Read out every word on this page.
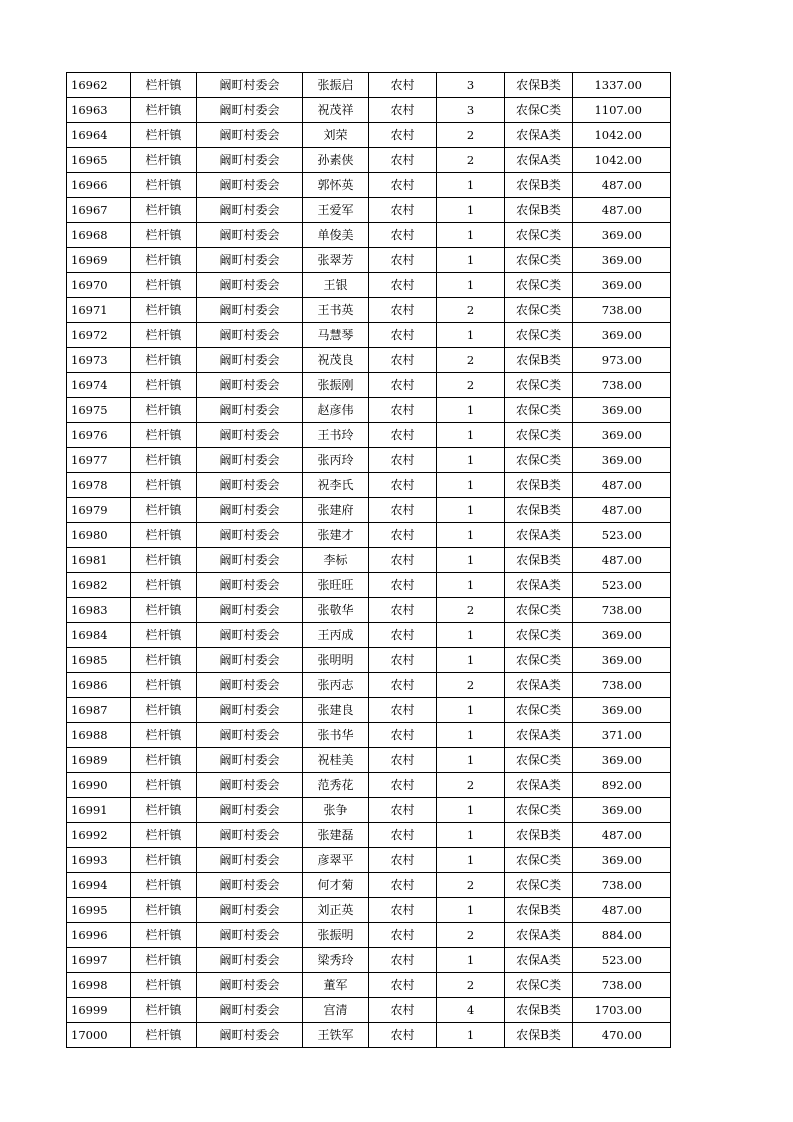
16962	栏杆镇	阚町村委会	张振启	农村	3	农保B类	1337.00
16963	栏杆镇	阚町村委会	祝茂祥	农村	3	农保C类	1107.00
16964	栏杆镇	阚町村委会	刘荣	农村	2	农保A类	1042.00
16965	栏杆镇	阚町村委会	孙素侠	农村	2	农保A类	1042.00
16966	栏杆镇	阚町村委会	郭怀英	农村	1	农保B类	487.00
16967	栏杆镇	阚町村委会	王爱军	农村	1	农保B类	487.00
16968	栏杆镇	阚町村委会	单俊美	农村	1	农保C类	369.00
16969	栏杆镇	阚町村委会	张翠芳	农村	1	农保C类	369.00
16970	栏杆镇	阚町村委会	王银	农村	1	农保C类	369.00
16971	栏杆镇	阚町村委会	王书英	农村	2	农保C类	738.00
16972	栏杆镇	阚町村委会	马慧琴	农村	1	农保C类	369.00
16973	栏杆镇	阚町村委会	祝茂良	农村	2	农保B类	973.00
16974	栏杆镇	阚町村委会	张振刚	农村	2	农保C类	738.00
16975	栏杆镇	阚町村委会	赵彦伟	农村	1	农保C类	369.00
16976	栏杆镇	阚町村委会	王书玲	农村	1	农保C类	369.00
16977	栏杆镇	阚町村委会	张丙玲	农村	1	农保C类	369.00
16978	栏杆镇	阚町村委会	祝李氏	农村	1	农保B类	487.00
16979	栏杆镇	阚町村委会	张建府	农村	1	农保B类	487.00
16980	栏杆镇	阚町村委会	张建才	农村	1	农保A类	523.00
16981	栏杆镇	阚町村委会	李标	农村	1	农保B类	487.00
16982	栏杆镇	阚町村委会	张旺旺	农村	1	农保A类	523.00
16983	栏杆镇	阚町村委会	张敬华	农村	2	农保C类	738.00
16984	栏杆镇	阚町村委会	王丙成	农村	1	农保C类	369.00
16985	栏杆镇	阚町村委会	张明明	农村	1	农保C类	369.00
16986	栏杆镇	阚町村委会	张丙志	农村	2	农保A类	738.00
16987	栏杆镇	阚町村委会	张建良	农村	1	农保C类	369.00
16988	栏杆镇	阚町村委会	张书华	农村	1	农保A类	371.00
16989	栏杆镇	阚町村委会	祝桂美	农村	1	农保C类	369.00
16990	栏杆镇	阚町村委会	范秀花	农村	2	农保A类	892.00
16991	栏杆镇	阚町村委会	张争	农村	1	农保C类	369.00
16992	栏杆镇	阚町村委会	张建磊	农村	1	农保B类	487.00
16993	栏杆镇	阚町村委会	彦翠平	农村	1	农保C类	369.00
16994	栏杆镇	阚町村委会	何才菊	农村	2	农保C类	738.00
16995	栏杆镇	阚町村委会	刘正英	农村	1	农保B类	487.00
16996	栏杆镇	阚町村委会	张振明	农村	2	农保A类	884.00
16997	栏杆镇	阚町村委会	梁秀玲	农村	1	农保A类	523.00
16998	栏杆镇	阚町村委会	董军	农村	2	农保C类	738.00
16999	栏杆镇	阚町村委会	宫清	农村	4	农保B类	1703.00
17000	栏杆镇	阚町村委会	王铁军	农村	1	农保B类	470.00
